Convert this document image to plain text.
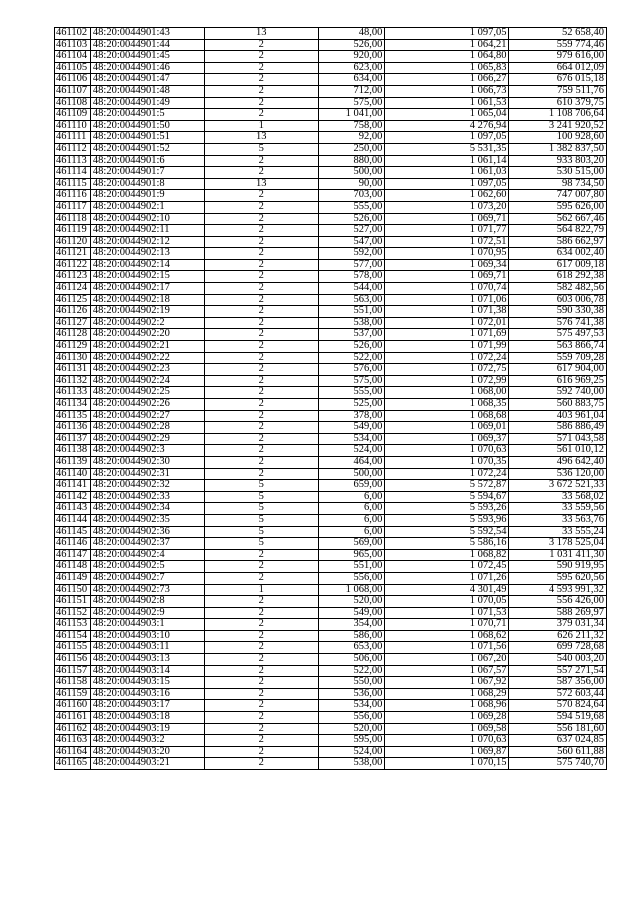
461102	48:20:0044901:43	13	48,00	1 097,05	52 658,40
461103	48:20:0044901:44	2	526,00	1 064,21	559 774,46
461104	48:20:0044901:45	2	920,00	1 064,80	979 616,00
461105	48:20:0044901:46	2	623,00	1 065,83	664 012,09
461106	48:20:0044901:47	2	634,00	1 066,27	676 015,18
461107	48:20:0044901:48	2	712,00	1 066,73	759 511,76
461108	48:20:0044901:49	2	575,00	1 061,53	610 379,75
461109	48:20:0044901:5	2	1 041,00	1 065,04	1 108 706,64
461110	48:20:0044901:50	1	758,00	4 276,94	3 241 920,52
461111	48:20:0044901:51	13	92,00	1 097,05	100 928,60
461112	48:20:0044901:52	5	250,00	5 531,35	1 382 837,50
461113	48:20:0044901:6	2	880,00	1 061,14	933 803,20
461114	48:20:0044901:7	2	500,00	1 061,03	530 515,00
461115	48:20:0044901:8	13	90,00	1 097,05	98 734,50
461116	48:20:0044901:9	2	703,00	1 062,60	747 007,80
461117	48:20:0044902:1	2	555,00	1 073,20	595 626,00
461118	48:20:0044902:10	2	526,00	1 069,71	562 667,46
461119	48:20:0044902:11	2	527,00	1 071,77	564 822,79
461120	48:20:0044902:12	2	547,00	1 072,51	586 662,97
461121	48:20:0044902:13	2	592,00	1 070,95	634 002,40
461122	48:20:0044902:14	2	577,00	1 069,34	617 009,18
461123	48:20:0044902:15	2	578,00	1 069,71	618 292,38
461124	48:20:0044902:17	2	544,00	1 070,74	582 482,56
461125	48:20:0044902:18	2	563,00	1 071,06	603 006,78
461126	48:20:0044902:19	2	551,00	1 071,38	590 330,38
461127	48:20:0044902:2	2	538,00	1 072,01	576 741,38
461128	48:20:0044902:20	2	537,00	1 071,69	575 497,53
461129	48:20:0044902:21	2	526,00	1 071,99	563 866,74
461130	48:20:0044902:22	2	522,00	1 072,24	559 709,28
461131	48:20:0044902:23	2	576,00	1 072,75	617 904,00
461132	48:20:0044902:24	2	575,00	1 072,99	616 969,25
461133	48:20:0044902:25	2	555,00	1 068,00	592 740,00
461134	48:20:0044902:26	2	525,00	1 068,35	560 883,75
461135	48:20:0044902:27	2	378,00	1 068,68	403 961,04
461136	48:20:0044902:28	2	549,00	1 069,01	586 886,49
461137	48:20:0044902:29	2	534,00	1 069,37	571 043,58
461138	48:20:0044902:3	2	524,00	1 070,63	561 010,12
461139	48:20:0044902:30	2	464,00	1 070,35	496 642,40
461140	48:20:0044902:31	2	500,00	1 072,24	536 120,00
461141	48:20:0044902:32	5	659,00	5 572,87	3 672 521,33
461142	48:20:0044902:33	5	6,00	5 594,67	33 568,02
461143	48:20:0044902:34	5	6,00	5 593,26	33 559,56
461144	48:20:0044902:35	5	6,00	5 593,96	33 563,76
461145	48:20:0044902:36	5	6,00	5 592,54	33 555,24
461146	48:20:0044902:37	5	569,00	5 586,16	3 178 525,04
461147	48:20:0044902:4	2	965,00	1 068,82	1 031 411,30
461148	48:20:0044902:5	2	551,00	1 072,45	590 919,95
461149	48:20:0044902:7	2	556,00	1 071,26	595 620,56
461150	48:20:0044902:73	1	1 068,00	4 301,49	4 593 991,32
461151	48:20:0044902:8	2	520,00	1 070,05	556 426,00
461152	48:20:0044902:9	2	549,00	1 071,53	588 269,97
461153	48:20:0044903:1	2	354,00	1 070,71	379 031,34
461154	48:20:0044903:10	2	586,00	1 068,62	626 211,32
461155	48:20:0044903:11	2	653,00	1 071,56	699 728,68
461156	48:20:0044903:13	2	506,00	1 067,20	540 003,20
461157	48:20:0044903:14	2	522,00	1 067,57	557 271,54
461158	48:20:0044903:15	2	550,00	1 067,92	587 356,00
461159	48:20:0044903:16	2	536,00	1 068,29	572 603,44
461160	48:20:0044903:17	2	534,00	1 068,96	570 824,64
461161	48:20:0044903:18	2	556,00	1 069,28	594 519,68
461162	48:20:0044903:19	2	520,00	1 069,58	556 181,60
461163	48:20:0044903:2	2	595,00	1 070,63	637 024,85
461164	48:20:0044903:20	2	524,00	1 069,87	560 611,88
461165	48:20:0044903:21	2	538,00	1 070,15	575 740,70
